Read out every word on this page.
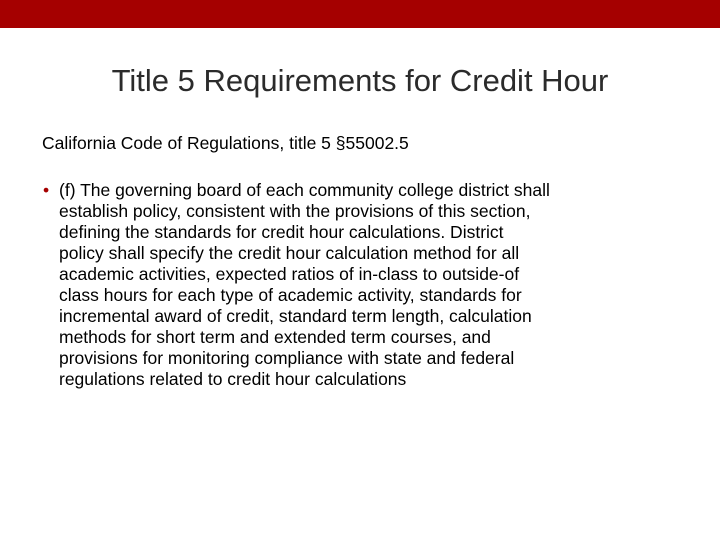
Title 5 Requirements for Credit Hour
California Code of Regulations, title 5 §55002.5
• (f) The governing board of each community college district shall
establish policy, consistent with the provisions of this section,
defining the standards for credit hour calculations. District
policy shall specify the credit hour calculation method for all
academic activities, expected ratios of in-class to outside-of
class hours for each type of academic activity, standards for
incremental award of credit, standard term length, calculation
methods for short term and extended term courses, and
provisions for monitoring compliance with state and federal
regulations related to credit hour calculations
